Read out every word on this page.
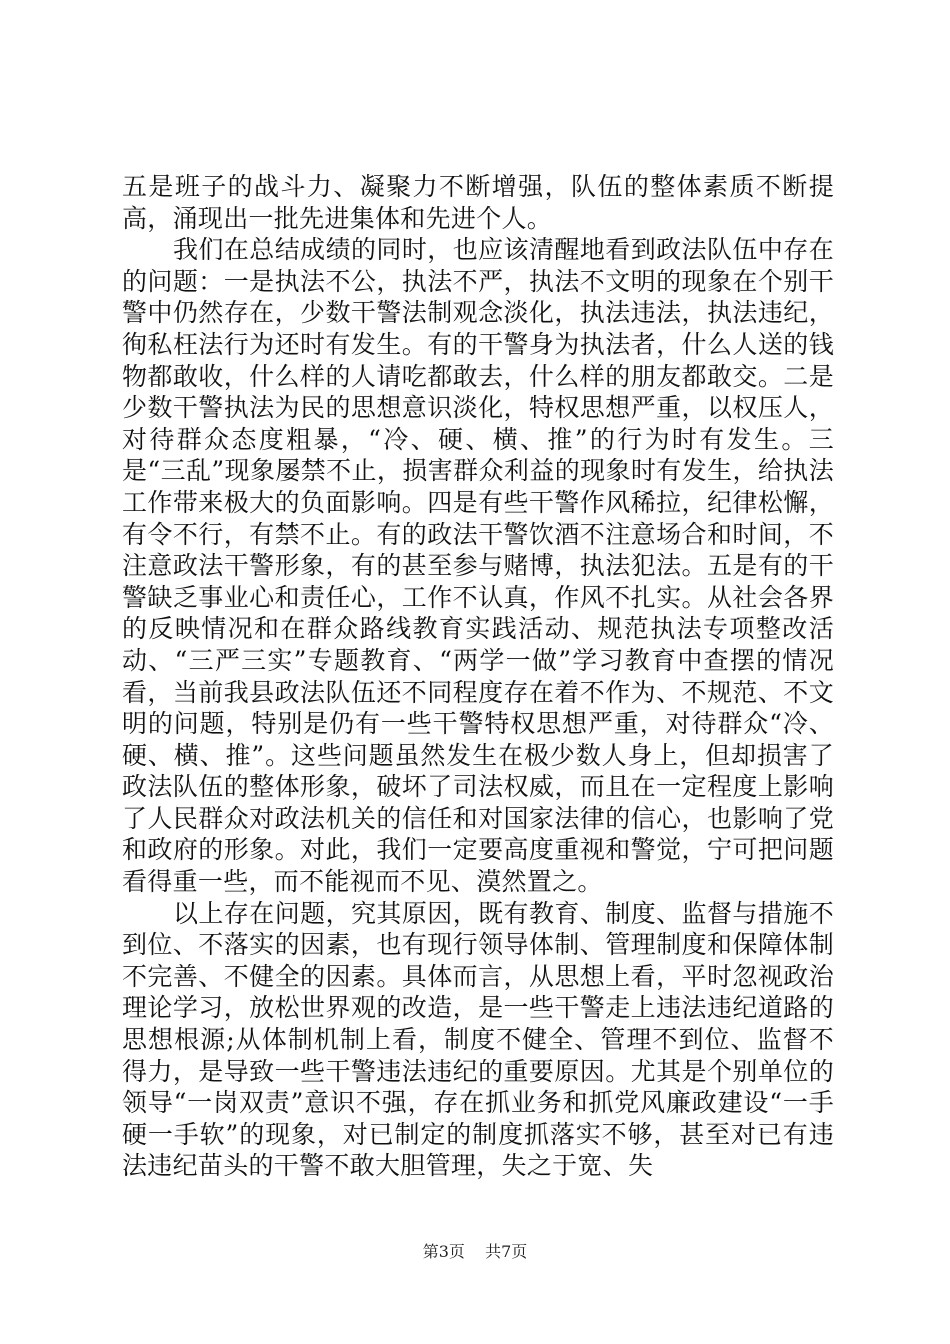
五是班子的战斗力、凝聚力不断增强，队伍的整体素质不断提高，涌现出一批先进集体和先进个人。

我们在总结成绩的同时，也应该清醒地看到政法队伍中存在的问题：一是执法不公，执法不严，执法不文明的现象在个别干警中仍然存在，少数干警法制观念淡化，执法违法，执法违纪，徇私枉法行为还时有发生。有的干警身为执法者，什么人送的钱物都敢收，什么样的人请吃都敢去，什么样的朋友都敢交。二是少数干警执法为民的思想意识淡化，特权思想严重，以权压人，对待群众态度粗暴，“冷、硬、横、推”的行为时有发生。三是“三乱”现象屡禁不止，损害群众利益的现象时有发生，给执法工作带来极大的负面影响。四是有些干警作风稀拉，纪律松懈，有令不行，有禁不止。有的政法干警饮酒不注意场合和时间，不注意政法干警形象，有的甚至参与赌博，执法犯法。五是有的干警缺乏事业心和责任心，工作不认真，作风不扎实。从社会各界的反映情况和在群众路线教育实践活动、规范执法专项整改活动、“三严三实”专题教育、“两学一做”学习教育中查摆的情况看，当前我县政法队伍还不同程度存在着不作为、不规范、不文明的问题，特别是仍有一些干警特权思想严重，对待群众“冷、硬、横、推”。这些问题虽然发生在极少数人身上，但却损害了政法队伍的整体形象，破坏了司法权威，而且在一定程度上影响了人民群众对政法机关的信任和对国家法律的信心，也影响了党和政府的形象。对此，我们一定要高度重视和警觉，宁可把问题看得重一些，而不能视而不见、漠然置之。

以上存在问题，究其原因，既有教育、制度、监督与措施不到位、不落实的因素，也有现行领导体制、管理制度和保障体制不完善、不健全的因素。具体而言，从思想上看，平时忽视政治理论学习，放松世界观的改造，是一些干警走上违法违纪道路的思想根源;从体制机制上看，制度不健全、管理不到位、监督不得力，是导致一些干警违法违纪的重要原因。尤其是个别单位的领导“一岗双责”意识不强，存在抓业务和抓党风廉政建设“一手硬一手软”的现象，对已制定的制度抓落实不够，甚至对已有违法违纪苗头的干警不敢大胆管理，失之于宽、失

第3页 共7页
